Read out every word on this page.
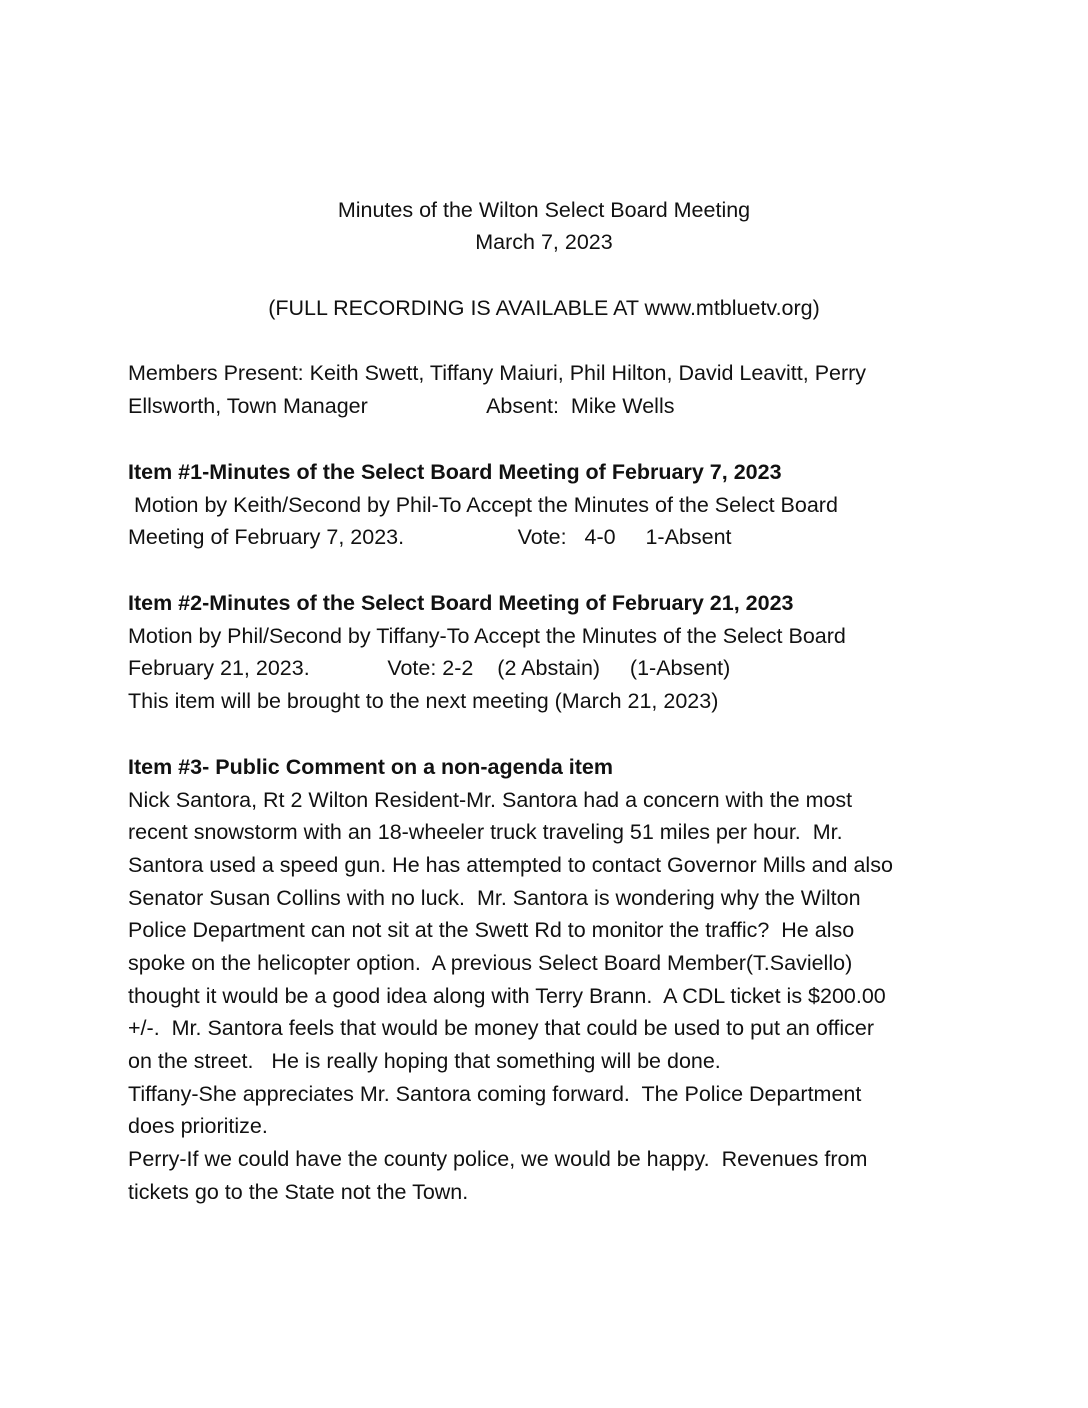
Minutes of the Wilton Select Board Meeting
March 7, 2023
(FULL RECORDING IS AVAILABLE AT www.mtbluetv.org)
Members Present: Keith Swett, Tiffany Maiuri, Phil Hilton, David Leavitt, Perry
Ellsworth, Town Manager                    Absent:  Mike Wells
Item #1-Minutes of the Select Board Meeting of February 7, 2023
Motion by Keith/Second by Phil-To Accept the Minutes of the Select Board
Meeting of February 7, 2023.                   Vote:   4-0     1-Absent
Item #2-Minutes of the Select Board Meeting of February 21, 2023
Motion by Phil/Second by Tiffany-To Accept the Minutes of the Select Board
February 21, 2023.             Vote: 2-2    (2 Abstain)     (1-Absent)
This item will be brought to the next meeting (March 21, 2023)
Item #3- Public Comment on a non-agenda item
Nick Santora, Rt 2 Wilton Resident-Mr. Santora had a concern with the most
recent snowstorm with an 18-wheeler truck traveling 51 miles per hour.  Mr.
Santora used a speed gun. He has attempted to contact Governor Mills and also
Senator Susan Collins with no luck.  Mr. Santora is wondering why the Wilton
Police Department can not sit at the Swett Rd to monitor the traffic?  He also
spoke on the helicopter option.  A previous Select Board Member(T.Saviello)
thought it would be a good idea along with Terry Brann.  A CDL ticket is $200.00
+/-.  Mr. Santora feels that would be money that could be used to put an officer
on the street.   He is really hoping that something will be done.
Tiffany-She appreciates Mr. Santora coming forward.  The Police Department
does prioritize.
Perry-If we could have the county police, we would be happy.  Revenues from
tickets go to the State not the Town.
